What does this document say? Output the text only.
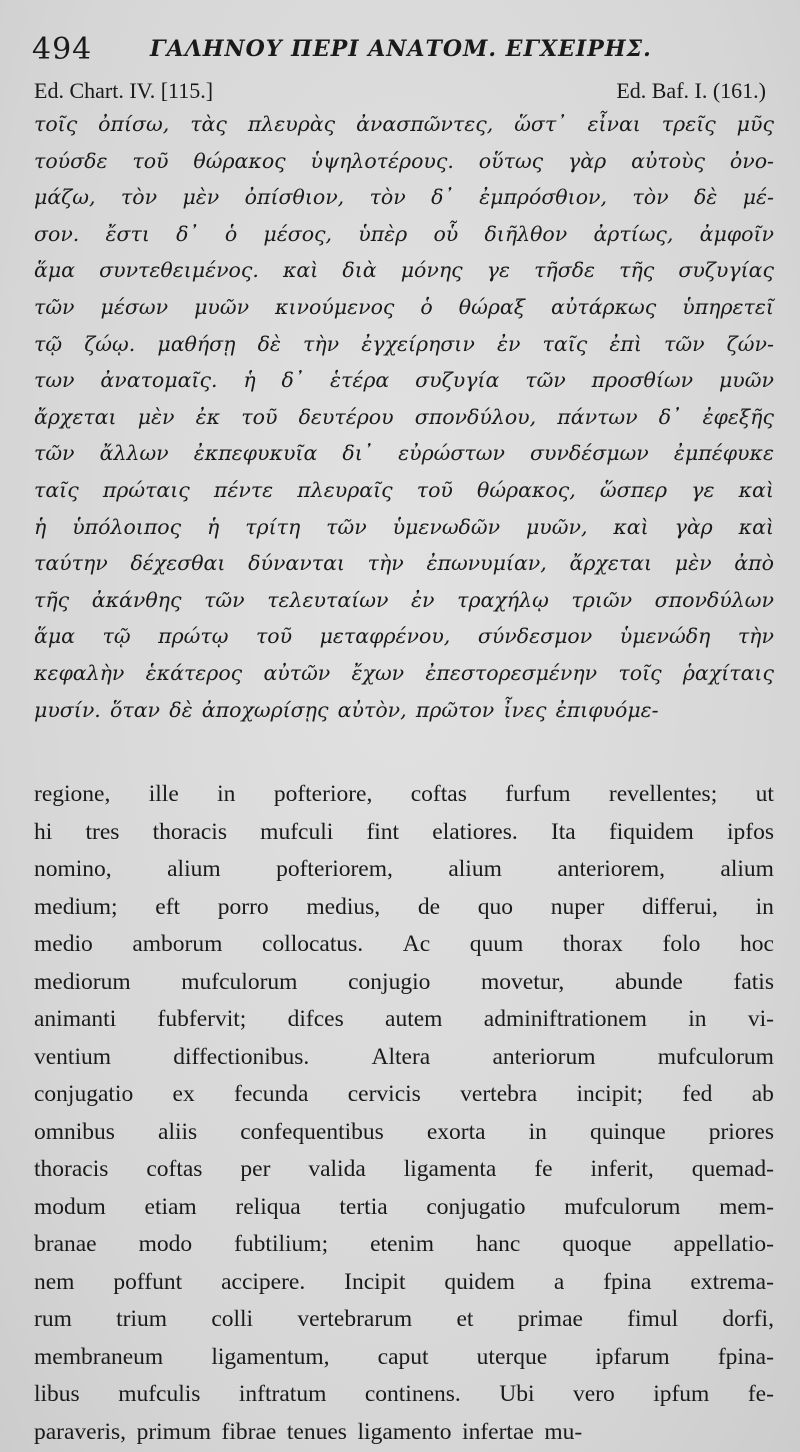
494	ΓΑΛΗΝΟΥ ΠΕΡΙ ΑΝΑΤΟΜ. ΕΓΧΕΙΡΗΣ.
Ed. Chart. IV. [115.]	Ed. Baf. I. (161.)
τοῖς ὀπίσω, τὰς πλευρὰς ἀνασπῶντες, ὥστ᾽ εἶναι τρεῖς μῦς
τούσδε τοῦ θώρακος ὑψηλοτέρους. οὕτως γὰρ αὐτοὺς ὀνο-
μάζω, τὸν μὲν ὀπίσθιον, τὸν δ᾽ ἐμπρόσθιον, τὸν δὲ μέ-
σον. ἔστι δ᾽ ὁ μέσος, ὑπὲρ οὗ διῆλθον ἀρτίως, ἀμφοῖν
ἅμα συντεθειμένος. καὶ διὰ μόνης γε τῆσδε τῆς συζυγίας
τῶν μέσων μυῶν κινούμενος ὁ θώραξ αὐτάρκως ὑπηρετεῖ
τῷ ζώῳ. μαθήσῃ δὲ τὴν ἐγχείρησιν ἐν ταῖς ἐπὶ τῶν ζών-
των ἀνατομαῖς. ἡ δ᾽ ἑτέρα συζυγία τῶν προσθίων μυῶν
ἄρχεται μὲν ἐκ τοῦ δευτέρου σπονδύλου, πάντων δ᾽ ἐφεξῆς
τῶν ἄλλων ἐκπεφυκυῖα δι᾽ εὐρώστων συνδέσμων ἐμπέφυκε
ταῖς πρώταις πέντε πλευραῖς τοῦ θώρακος, ὥσπερ γε καὶ
ἡ ὑπόλοιπος ἡ τρίτη τῶν ὑμενωδῶν μυῶν, καὶ γὰρ καὶ
ταύτην δέχεσθαι δύνανται τὴν ἐπωνυμίαν, ἄρχεται μὲν ἀπὸ
τῆς ἀκάνθης τῶν τελευταίων ἐν τραχήλῳ τριῶν σπονδύλων
ἅμα τῷ πρώτῳ τοῦ μεταφρένου, σύνδεσμον ὑμενώδη τὴν
κεφαλὴν ἑκάτερος αὐτῶν ἔχων ἐπεστορεσμένην τοῖς ῥαχίταις
μυσίν. ὅταν δὲ ἀποχωρίσῃς αὐτὸν, πρῶτον ἶνες ἐπιφυόμε-
regione, ille in pofteriore, coftas furfum revellentes; ut
hi tres thoracis mufculi fint elatiores. Ita fiquidem ipfos
nomino, alium pofteriorem, alium anteriorem, alium
medium; eft porro medius, de quo nuper differui, in
medio amborum collocatus. Ac quum thorax folo hoc
mediorum mufculorum conjugio movetur, abunde fatis
animanti fubfervit; difces autem adminiftrationem in vi-
ventium	diffectionibus.	Altera	anteriorum	mufculorum
conjugatio ex fecunda cervicis vertebra incipit; fed ab
omnibus aliis confequentibus exorta in quinque priores
thoracis coftas per valida ligamenta fe inferit, quemad-
modum etiam reliqua tertia conjugatio mufculorum mem-
branae modo fubtilium; etenim hanc quoque appellatio-
nem poffunt accipere. Incipit quidem a fpina extrema-
rum trium colli vertebrarum et primae fimul dorfi,
membraneum ligamentum, caput uterque ipfarum fpina-
libus mufculis inftratum continens. Ubi vero ipfum fe-
paraveris, primum fibrae tenues ligamento infertae mu-
